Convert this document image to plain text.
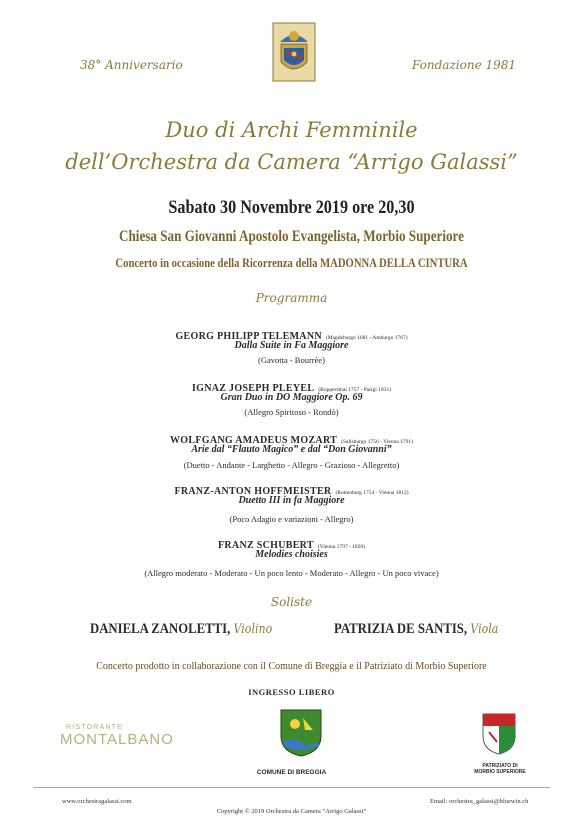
38° Anniversario	Fondazione 1981
Duo di Archi Femminile
dell’Orchestra da Camera “Arrigo Galassi”
Sabato 30 Novembre 2019 ore 20,30
Chiesa San Giovanni Apostolo Evangelista, Morbio Superiore
Concerto in occasione della Ricorrenza della MADONNA DELLA CINTURA
Programma
GEORG PHILIPP TELEMANN (Magdeburgo 1681 - Amburgo 1767)
Dalla Suite in Fa Maggiore
(Gavotta - Bourrèe)
IGNAZ JOSEPH PLEYEL (Ruppersthal 1757 - Parigi 1831)
Gran Duo in DO Maggiore Op. 69
(Allegro Spiritoso - Rondò)
WOLFGANG AMADEUS MOZART (Salisburgo 1756 - Vienna 1791)
Arie dal “Flauto Magico” e dal “Don Giovanni”
(Duetto - Andante - Larghetto - Allegro - Grazioso - Allegretto)
FRANZ-ANTON HOFFMEISTER (Rottenburg 1754 - Vienna 1812)
Duetto III in fa Maggiore
(Poco Adagio e variazioni - Allegro)
FRANZ SCHUBERT (Vienna 1797 - 1828)
Melodies choisies
(Allegro moderato - Moderato - Un poco lento - Moderato - Allegro - Un poco vivace)
Soliste
DANIELA ZANOLETTI, Violino	PATRIZIA DE SANTIS, Viola
Concerto prodotto in collaborazione con il Comune di Breggia e il Patriziato di Morbio Superiore
INGRESSO LIBERO
RISTORANTE
MONTALBANO
COMUNE DI BREGGIA
PATRIZIATO DI
MORBIO SUPERIORE
www.orchestragalassi.com	Email: orchestra_galassi@bluewin.ch
Copyright © 2019 Orchestra da Camera “Arrigo Galassi”
